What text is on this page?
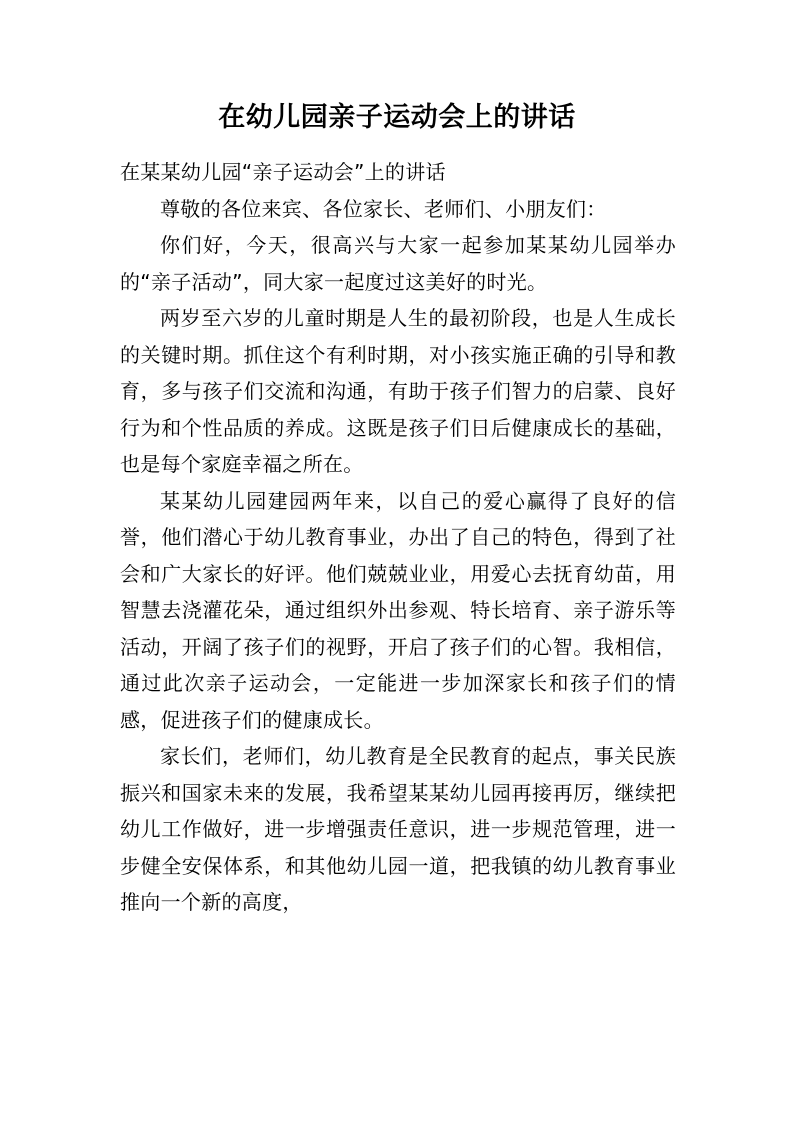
在幼儿园亲子运动会上的讲话

在某某幼儿园“亲子运动会”上的讲话

尊敬的各位来宾、各位家长、老师们、小朋友们：

你们好，今天，很高兴与大家一起参加某某幼儿园举办的“亲子活动”，同大家一起度过这美好的时光。

两岁至六岁的儿童时期是人生的最初阶段，也是人生成长的关键时期。抓住这个有利时期，对小孩实施正确的引导和教育，多与孩子们交流和沟通，有助于孩子们智力的启蒙、良好行为和个性品质的养成。这既是孩子们日后健康成长的基础，也是每个家庭幸福之所在。

某某幼儿园建园两年来，以自己的爱心赢得了良好的信誉，他们潜心于幼儿教育事业，办出了自己的特色，得到了社会和广大家长的好评。他们兢兢业业，用爱心去抚育幼苗，用智慧去浇灌花朵，通过组织外出参观、特长培育、亲子游乐等活动，开阔了孩子们的视野，开启了孩子们的心智。我相信，通过此次亲子运动会，一定能进一步加深家长和孩子们的情感，促进孩子们的健康成长。

家长们，老师们，幼儿教育是全民教育的起点，事关民族振兴和国家未来的发展，我希望某某幼儿园再接再厉，继续把幼儿工作做好，进一步增强责任意识，进一步规范管理，进一步健全安保体系，和其他幼儿园一道，把我镇的幼儿教育事业推向一个新的高度，
